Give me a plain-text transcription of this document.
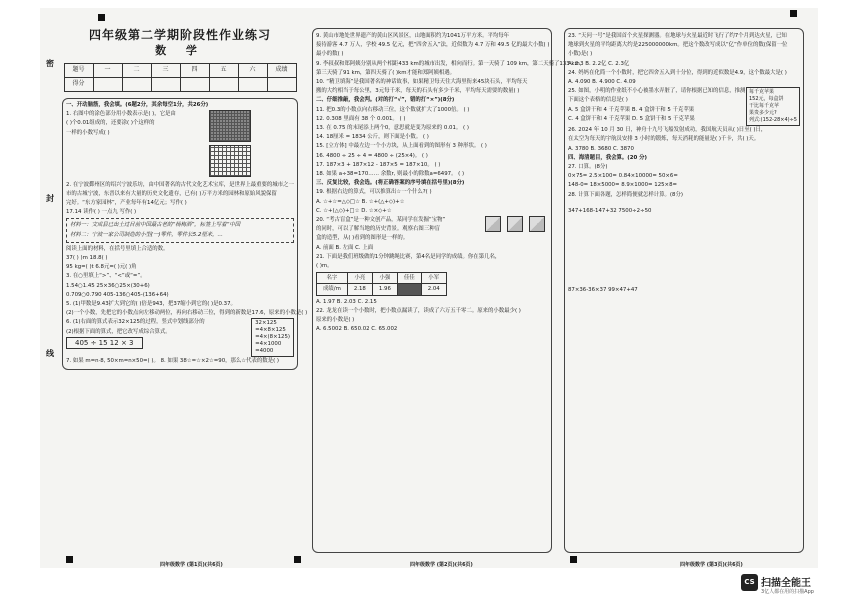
四年级第二学期阶段性作业练习
数 学
题号	一	二	三	四	五	六	成绩
得分							

一、开动脑筋，我会填。(6题2分，其余每空1分，共26分)

1. 右图中的涂色部分用小数表示是( )，它是由

( )个0.01组成的，还要涂( )个这样的

一样的小数写成( )

2. 在宁波鄞州区的绍兴宁波乐坊，由中国著名的古代文化艺术宝库，是世界上最重要的城市之一

市的古城宁波，东晋以来有大量的历史文化遗存，已有( )万平方米的园林和原始风貌保留

完好。“东方家园林”，产业每年有14亿元；写作( )

17.14 读作( ) 一点九 写作( )

材料一：文成县已出土过目前中国最古老的“杨梅酒”，标签上写着“中国

材料二：宁波一家公司制造的小型(一)零件，零件长5.2厘米，…

阅读上面的材料，在括号里填上合适的数。

37( ) )m 18.8( )

95 kg=( )t 6.8元=( )元( )角

3. 在○里填上“>”、“<”或“=”。

1.54○1.45 25×36○25×(30+6)

0.709○0.790 405-136○405-(136+64)

5. (1)甲数是9.43扩大到它的( )倍是943，把37缩小到它的( )是0.37。

(2)一个小数，先把它的小数点向左移动两位，再向右移动三位，得到的新数是17.6，原来的小数是( )

6. (1)右面的算式表示32×125的过程，竖式中划线部分的

(2)根据下面的算式，把它改写成综合算式。

405 ÷ 15 12 × 3

32×125
=4×8×125
=4×(8×125)
=4×1000
=4000

7. 如果 m=n·8, 50×m=n×50=( )。 8. 如果 38☆=☆×2☆=90，那么☆代表的数是( )

9. 黄山市地处世界遗产的黄山区风景区，山地面积约为1041万平方米。平均每年

接待游客 4.7 万人，学校 49.5 亿元，把“四舍五入”法，近似数为 4.7 万和 49.5 亿的最大小数( )

最小的数( )

9. 李叔叔和郑阿姨分别从两个相距433 km的城市出发，相向而行。第一天骑了 109 km，第二天骑了133 km，

第三天骑了91 km，第四天骑了( )km才能和郑阿姨相遇。

10. “精卫填海”是我国著名的神话故事，如果精卫每天往大海里衔来45块石头，平均每天

搬的大约相当于每公里，3元每千米，每天的石头有多少千米，平均每天需要的数量( )

二、仔细推敲，我会判。(对的打“√”，错的打“×”)(8分)

11. 把0.3的小数点向右移动三位，这个数就扩大了1000倍。 ( )

12. 0.308 里面有 38 个 0.001。 ( )

13. 在 0.75 的末尾添上两个0，意思就是变为原来的 0.01。 ( )

14. 18厘米 = 1834 公斤，则下面是小数。 ( )

15. [立方体] 中最左边一个小方块，从上面看到的图形有 3 种形状。 ( )

16. 4800 ÷ 25 ÷ 4 = 4800 ÷ (25×4)。 ( )

17. 187×3 + 187×12 - 187×5 = 187×10。 ( )

18. 如果 a÷38=170…… 余数r, 则最小的除数a=6497。 ( )

三、反复比较，我会选。(将正确答案的序号填在括号里)(8分)

19. 根据右边的算式，可以推算出☆一个什么?( )

A. ☆+☆=△◇□☆ B. ☆+(△+◇)+☆

C. ☆+(△◇)+□☆ D. ☆×◇+☆

20. “考古盲盒”是一种文创产品，某同学在发掘“宝物”

的同时，可以了解当地的历史背景。观察右图三种盲

盒的造型，从( )看到的图形是一样的。

A. 前面 B. 左面 C. 上面

21. 下面是我们班级做的1分钟跳绳比赛，第4名是同学的成绩。你在第几名，

( )m。

名字	小亮	小强	佳佳	小军
成绩/m	2.18	1.96		2.04

A. 1.97 B. 2.03 C. 2.15

22. 龙龙在读一个小数时，把小数点漏读了，读成了六万五千零二。原来的小数最少( )

原来的小数是( )

A. 6.5002 B. 650.02 C. 65.002

23. “天问一号”是我国首个火星探测器。在地球与火星最近时飞行了约7个月到达火星，已知

地球到火星的平均距离大约是225000000km。把这个数改写成以“亿”作单位的数(保留一位

小数)是( )

A. 2.3 B. 2.2亿 C. 2.3亿

24. 妈妈在化简一个小数时，把它四舍五入到十分位，得到的近似数是4.9，这个数最大是( )

A. 4.090 B. 4.900 C. 4.09

25. 如图，小明的作业纸不小心被墨水弄脏了，请你根据已知的信息，推测

下面这个表格的信息是( )

A. 5 盒饼干和 4 千克苹果 B. 4 盒饼干和 5 千克苹果

C. 4 盒饼干和 4 千克苹果 D. 5 盒饼干和 5 千克苹果

每千克苹果
152元，每盒饼
干比每千克苹
果贵多少元?
列式:(152-28×4)÷5

26. 2024 年 10 月 30 日，神舟十九号飞船发射成功，我国航天员从( )日至( )日，

在太空为每天的宇航员安排 3 小时的锻炼，每天消耗的能量是( )千卡，共( )天。

A. 3780 B. 3680 C. 3870

四、海清题目，我会算。(20 分)

27. 口算。(8分)

0×75= 2.5×100= 0.84×10000= 50×6=

148-0= 18×5000= 8.9×1000= 125×8=

28. 计算下面各题，怎样简便就怎样计算。(8分)

347+168-147+32 7500÷2÷50

87×36-36×37 99×47+47

密
封
线
四年级数学 (第1页)(共6页)	四年级数学 (第2页)(共6页)	四年级数学 (第3页)(共6页)
CS 扫描全能王
3亿人都在用的扫描App
